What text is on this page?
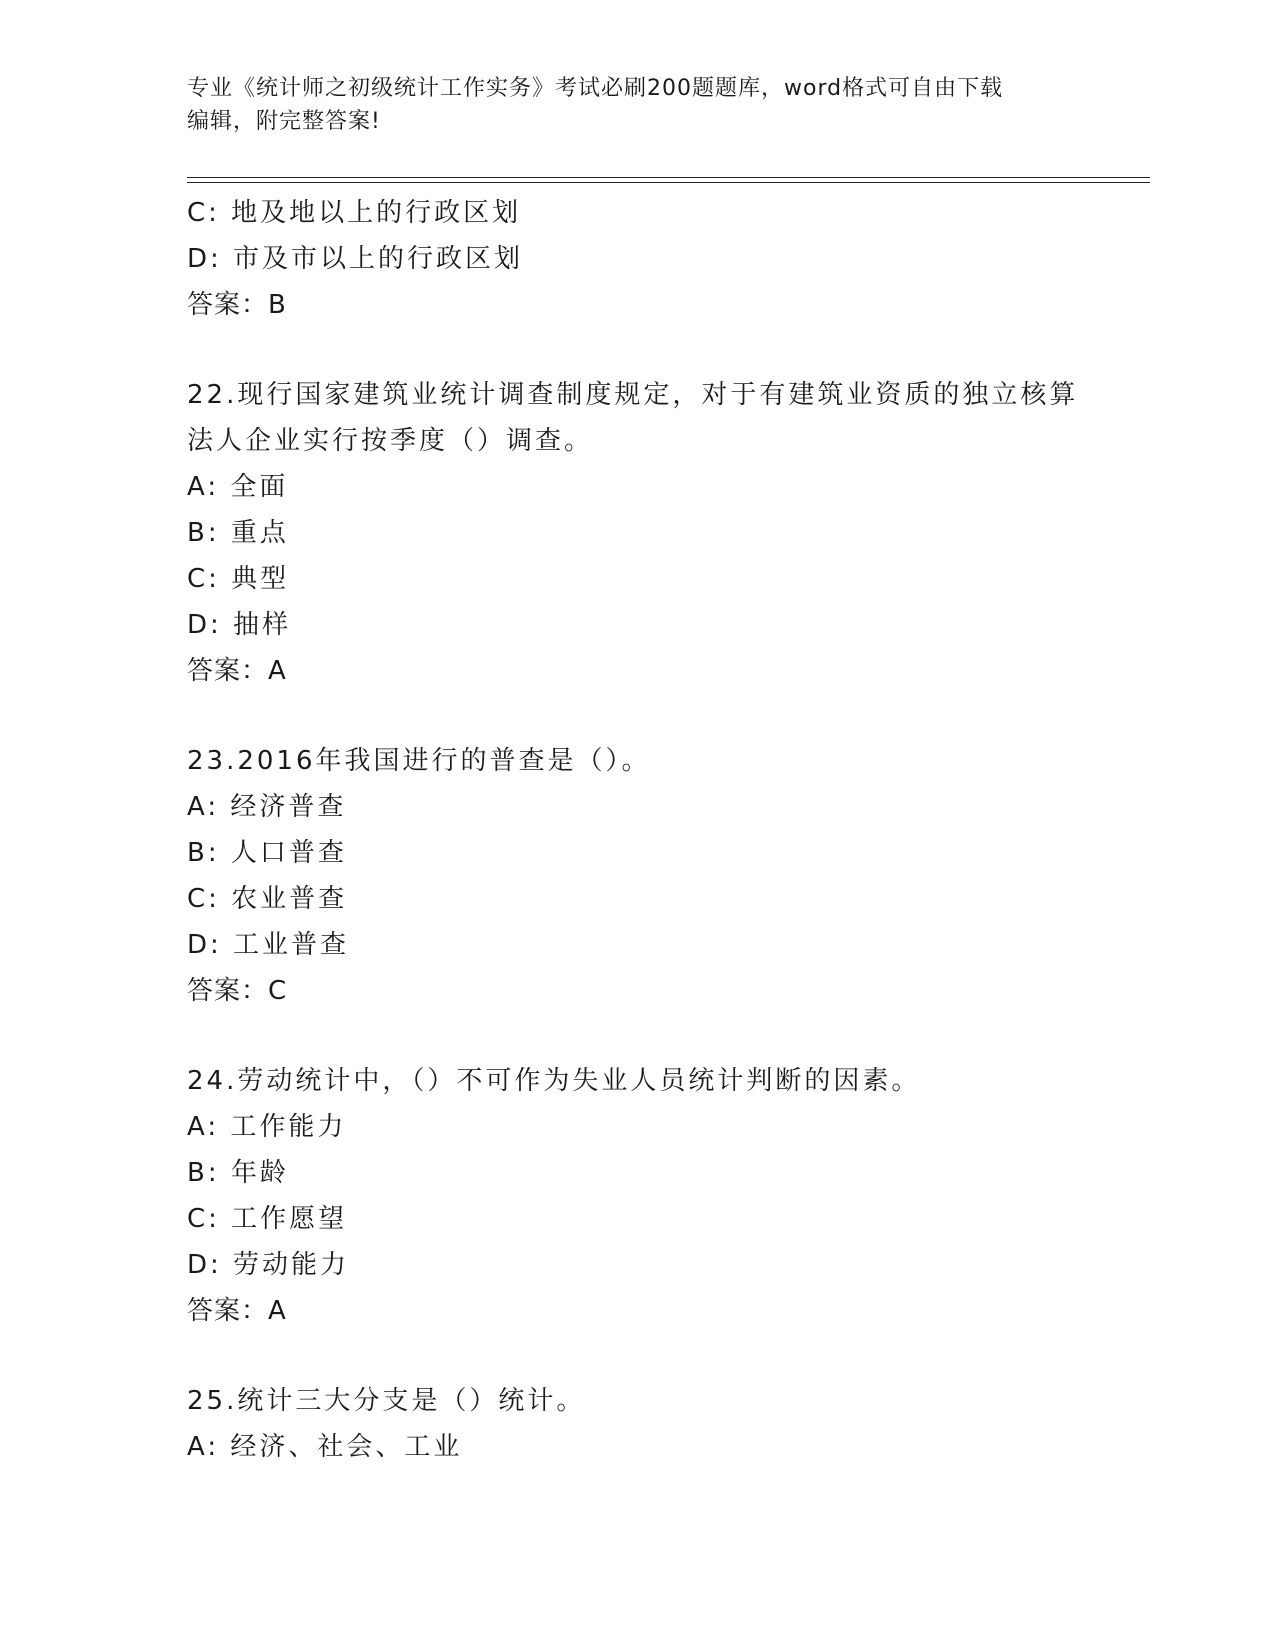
专业《统计师之初级统计工作实务》考试必刷200题题库，word格式可自由下载
编辑，附完整答案!
C: 地及地以上的行政区划
D: 市及市以上的行政区划
答案：B
22.现行国家建筑业统计调查制度规定，对于有建筑业资质的独立核算
法人企业实行按季度（）调查。
A: 全面
B: 重点
C: 典型
D: 抽样
答案：A
23.2016年我国进行的普查是（）。
A: 经济普查
B: 人口普查
C: 农业普查
D: 工业普查
答案：C
24.劳动统计中，（）不可作为失业人员统计判断的因素。
A: 工作能力
B: 年龄
C: 工作愿望
D: 劳动能力
答案：A
25.统计三大分支是（）统计。
A: 经济、社会、工业
